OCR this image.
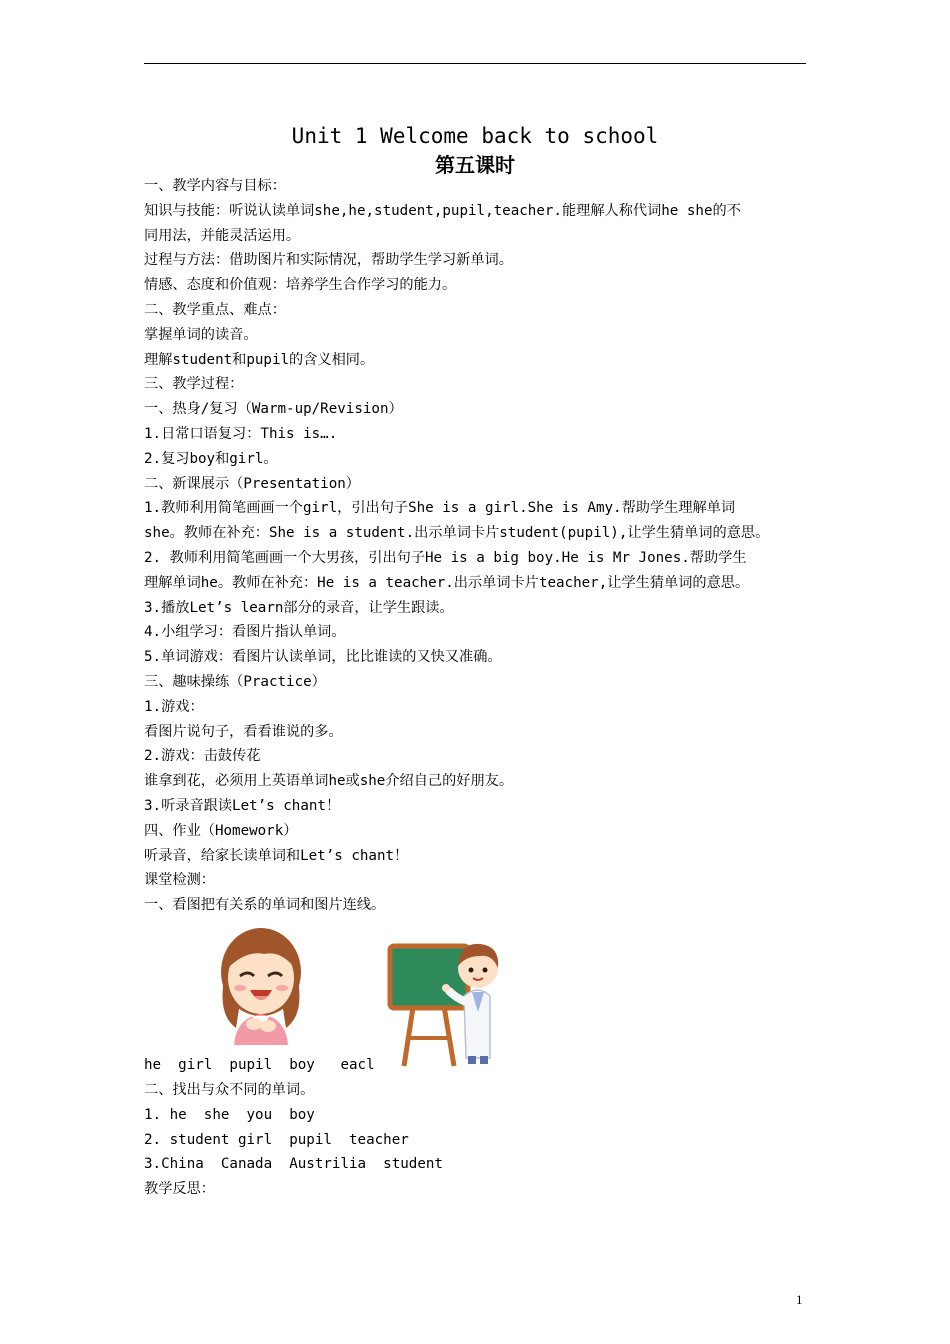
Unit 1 Welcome back to school
第五课时
一、教学内容与目标：
知识与技能：听说认读单词she,he,student,pupil,teacher.能理解人称代词he she的不
同用法，并能灵活运用。
过程与方法：借助图片和实际情况，帮助学生学习新单词。
情感、态度和价值观：培养学生合作学习的能力。
二、教学重点、难点：
掌握单词的读音。
理解student和pupil的含义相同。
三、教学过程：
一、热身/复习（Warm-up/Revision）
1.日常口语复习：This is….
2.复习boy和girl。
二、新课展示（Presentation）
1.教师利用简笔画画一个girl，引出句子She is a girl.She is Amy.帮助学生理解单词
she。教师在补充：She is a student.出示单词卡片student(pupil),让学生猜单词的意思。
2. 教师利用简笔画画一个大男孩，引出句子He is a big boy.He is Mr Jones.帮助学生
理解单词he。教师在补充：He is a teacher.出示单词卡片teacher,让学生猜单词的意思。
3.播放Let’s learn部分的录音，让学生跟读。
4.小组学习：看图片指认单词。
5.单词游戏：看图片认读单词，比比谁读的又快又准确。
三、趣味操练（Practice）
1.游戏：
看图片说句子，看看谁说的多。
2.游戏：击鼓传花
谁拿到花，必须用上英语单词he或she介绍自己的好朋友。
3.听录音跟读Let’s chant！
四、作业（Homework）
听录音，给家长读单词和Let’s chant！
课堂检测：
一、看图把有关系的单词和图片连线。
he  girl  pupil  boy   eacl
二、找出与众不同的单词。
1. he  she  you  boy
2. student girl  pupil  teacher
3.China  Canada  Austrilia  student
教学反思：
1
